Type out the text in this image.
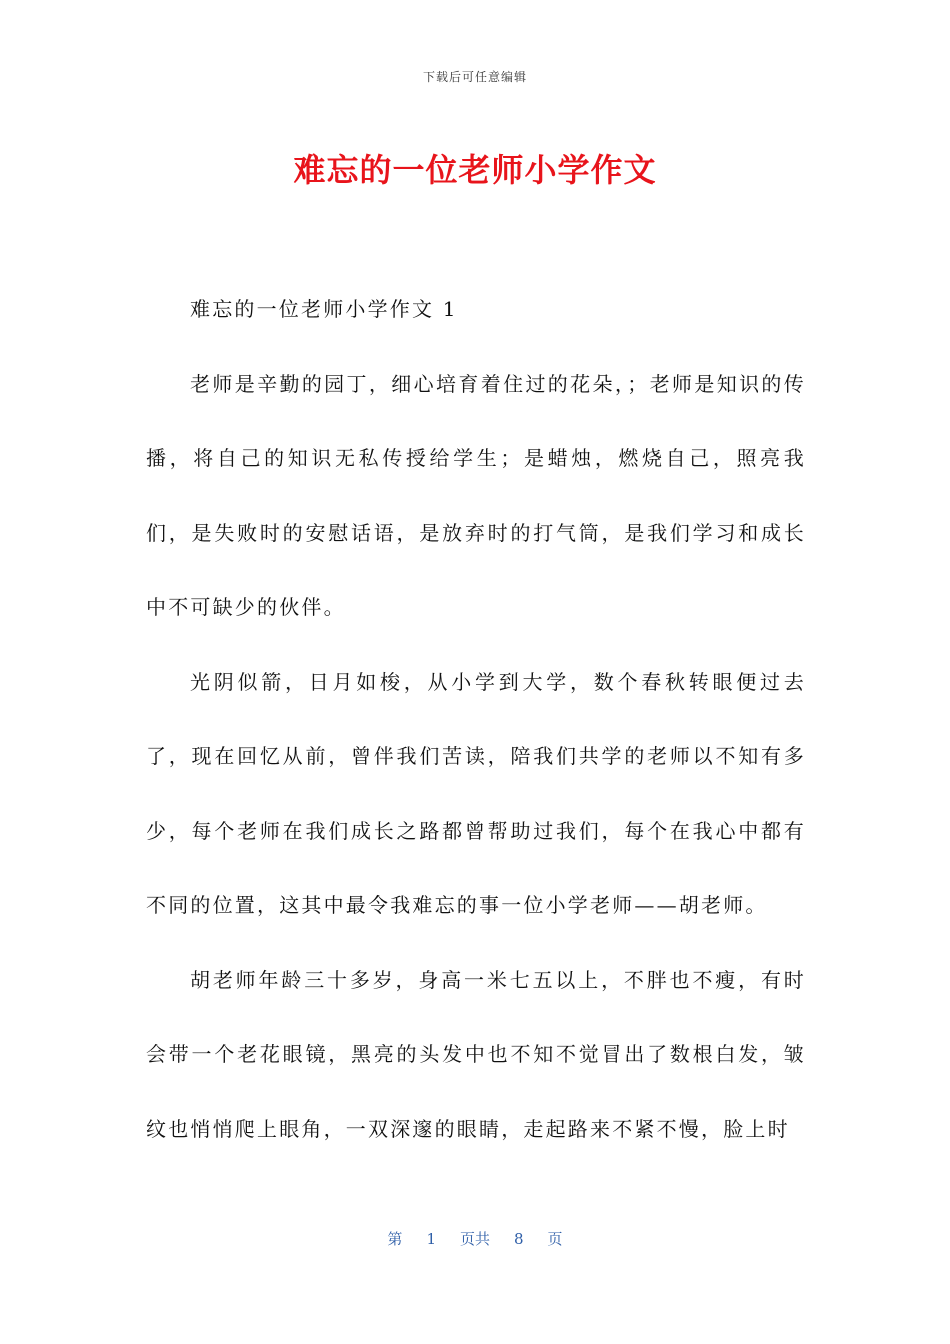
下载后可任意编辑
难忘的一位老师小学作文

难忘的一位老师小学作文 1

老师是辛勤的园丁，细心培育着住过的花朵，；老师是知识的传播，将自己的知识无私传授给学生；是蜡烛，燃烧自己，照亮我们，是失败时的安慰话语，是放弃时的打气筒，是我们学习和成长中不可缺少的伙伴。

光阴似箭，日月如梭，从小学到大学，数个春秋转眼便过去了，现在回忆从前，曾伴我们苦读，陪我们共学的老师以不知有多少，每个老师在我们成长之路都曾帮助过我们，每个在我心中都有不同的位置，这其中最令我难忘的事一位小学老师——胡老师。

胡老师年龄三十多岁，身高一米七五以上，不胖也不瘦，有时会带一个老花眼镜，黑亮的头发中也不知不觉冒出了数根白发，皱纹也悄悄爬上眼角，一双深邃的眼睛，走起路来不紧不慢，脸上时

第 1 页共 8 页
